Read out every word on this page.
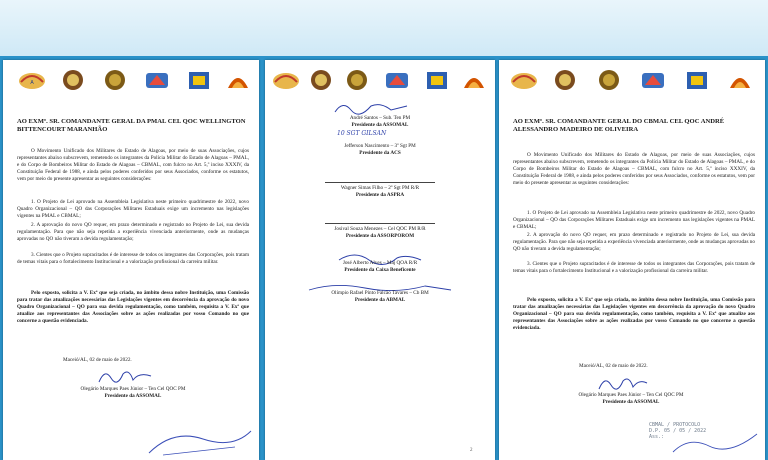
A
AO EXMº. SR. COMANDANTE GERAL DA PMAL CEL QOC WELLINGTON BITTENCOURT MARANHÃO
O Movimento Unificado dos Militares do Estado de Alagoas, por meio de suas Associações, cujos representantes abaixo subscrevem, remetendo os integrantes da Polícia Militar do Estado de Alagoas – PMAL, e do Corpo de Bombeiros Militar do Estado de Alagoas – CBMAL, com fulcro no Art. 5,º inciso XXXIV, da Constituição Federal de 1988, e ainda pelos poderes conferidos por seus Associados, conforme os estatutos, vem por meio do presente apresentar as seguintes considerações:
1. O Projeto de Lei aprovado na Assembleia Legislativa neste primeiro quadrimestre de 2022, novo Quadro Organizacional – QO das Corporações Militares Estaduais exige um incremento nas legislações vigentes na PMAL e CBMAL;
2. A aprovação do novo QO requer, em prazo determinado e registrado no Projeto de Lei, sua devida regulamentação. Para que não seja repetida a experiência vivenciada anteriormente, onde as mudanças aprovadas no QO não tiveram a devida regulamentação;
3. Cientes que o Projeto supracitados é de interesse de todos os integrantes das Corporações, pois tratam de temas vitais para o fortalecimento Institucional e a valorização profissional da carreira militar.
Pelo exposto, solicita a V. Exª que seja criada, no âmbito dessa nobre Instituição, uma Comissão para tratar das atualizações necessárias das Legislações vigentes em decorrência da aprovação do novo Quadro Organizacional – QO para sua devida regulamentação, como também, requisita a V. Exª que atualize aos representantes das Associações sobre as ações realizadas por vosso Comando no que concerne a questão evidenciada.
Maceió/AL, 02 de maio de 2022.
Olegário Marques Paes Júnior – Ten Cel QOC PM
Presidente da ASSOMAL
André Santos – Sub. Ten PM
Presidente da ASSOMAL
10 SGT GILSAN
Jefferson Nascimento – 3º Sgt PM
Presidente da ACS
Wagner Simas Filho – 2º Sgt PM R/R
Presidente da ASPRA
Josival Souza Menezes – Cel QOC PM R/R
Presidente da ASSORPOROM
José Alberto Alves – Maj QOA R/R
Presidente da Caixa Beneficente
Olímpio Rafael Pinto Falcão Tavares – Cb BM
Presidente da ABMAL
2
AO EXMº. SR. COMANDANTE GERAL DO CBMAL CEL QOC ANDRÉ ALESSANDRO MADEIRO DE OLIVEIRA
O Movimento Unificado dos Militares do Estado de Alagoas, por meio de suas Associações, cujos representantes abaixo subscrevem, remetendo os integrantes da Polícia Militar do Estado de Alagoas – PMAL, e do Corpo de Bombeiros Militar do Estado de Alagoas – CBMAL, com fulcro no Art. 5,º inciso XXXIV, da Constituição Federal de 1988, e ainda pelos poderes conferidos por seus Associados, conforme os estatutos, vem por meio do presente apresentar as seguintes considerações:
1. O Projeto de Lei aprovado na Assembleia Legislativa neste primeiro quadrimestre de 2022, novo Quadro Organizacional – QO das Corporações Militares Estaduais exige um incremento nas legislações vigentes na PMAL e CBMAL;
2. A aprovação do novo QO requer, em prazo determinado e registrado no Projeto de Lei, sua devida regulamentação. Para que não seja repetida a experiência vivenciada anteriormente, onde as mudanças aprovadas no QO não tiveram a devida regulamentação;
3. Cientes que o Projeto supracitados é de interesse de todos os integrantes das Corporações, pois tratam de temas vitais para o fortalecimento Institucional e a valorização profissional da carreira militar.
Pelo exposto, solicita a V. Exª que seja criada, no âmbito dessa nobre Instituição, uma Comissão para tratar das atualizações necessárias das Legislações vigentes em decorrência da aprovação do novo Quadro Organizacional – QO para sua devida regulamentação, como também, requisita a V. Exª que atualize aos representantes das Associações sobre as ações realizadas por vosso Comando no que concerne a questão evidenciada.
Maceió/AL, 02 de maio de 2022.
Olegário Marques Paes Júnior – Ten Cel QOC PM
Presidente da ASSOMAL
CBMAL / PROTOCOLO
D.P. 05 / 05 / 2022
Ass.:
